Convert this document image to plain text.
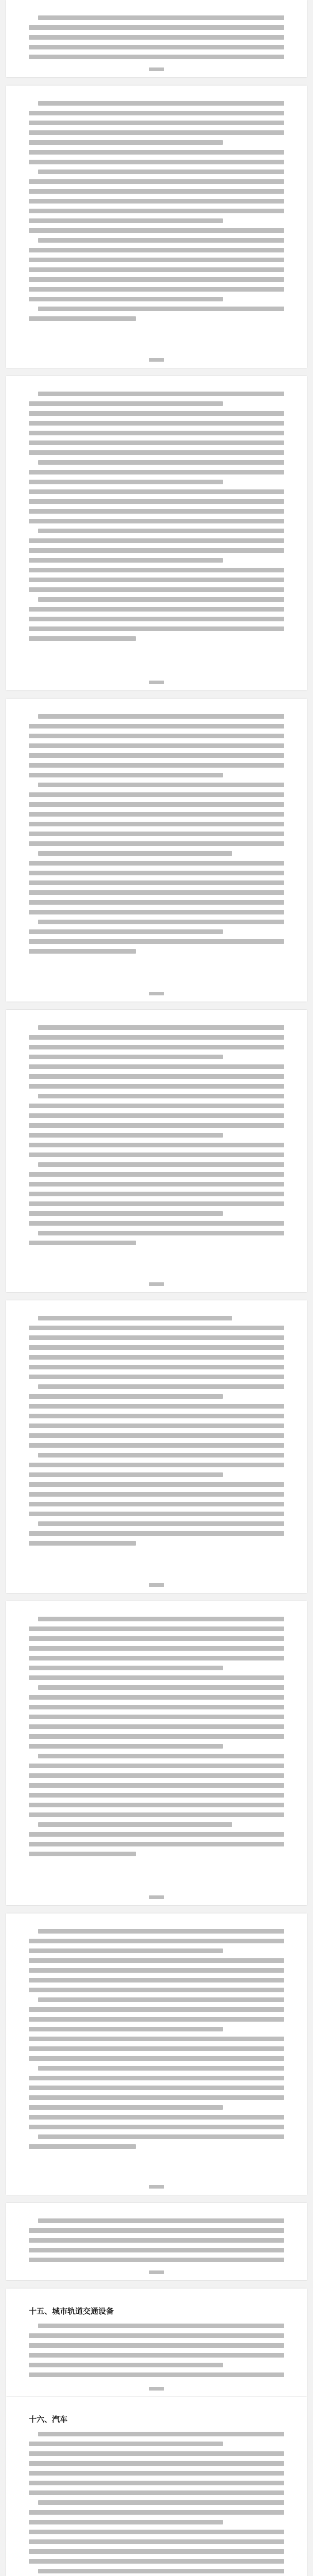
十五、城市轨道交通设备
十六、汽车
